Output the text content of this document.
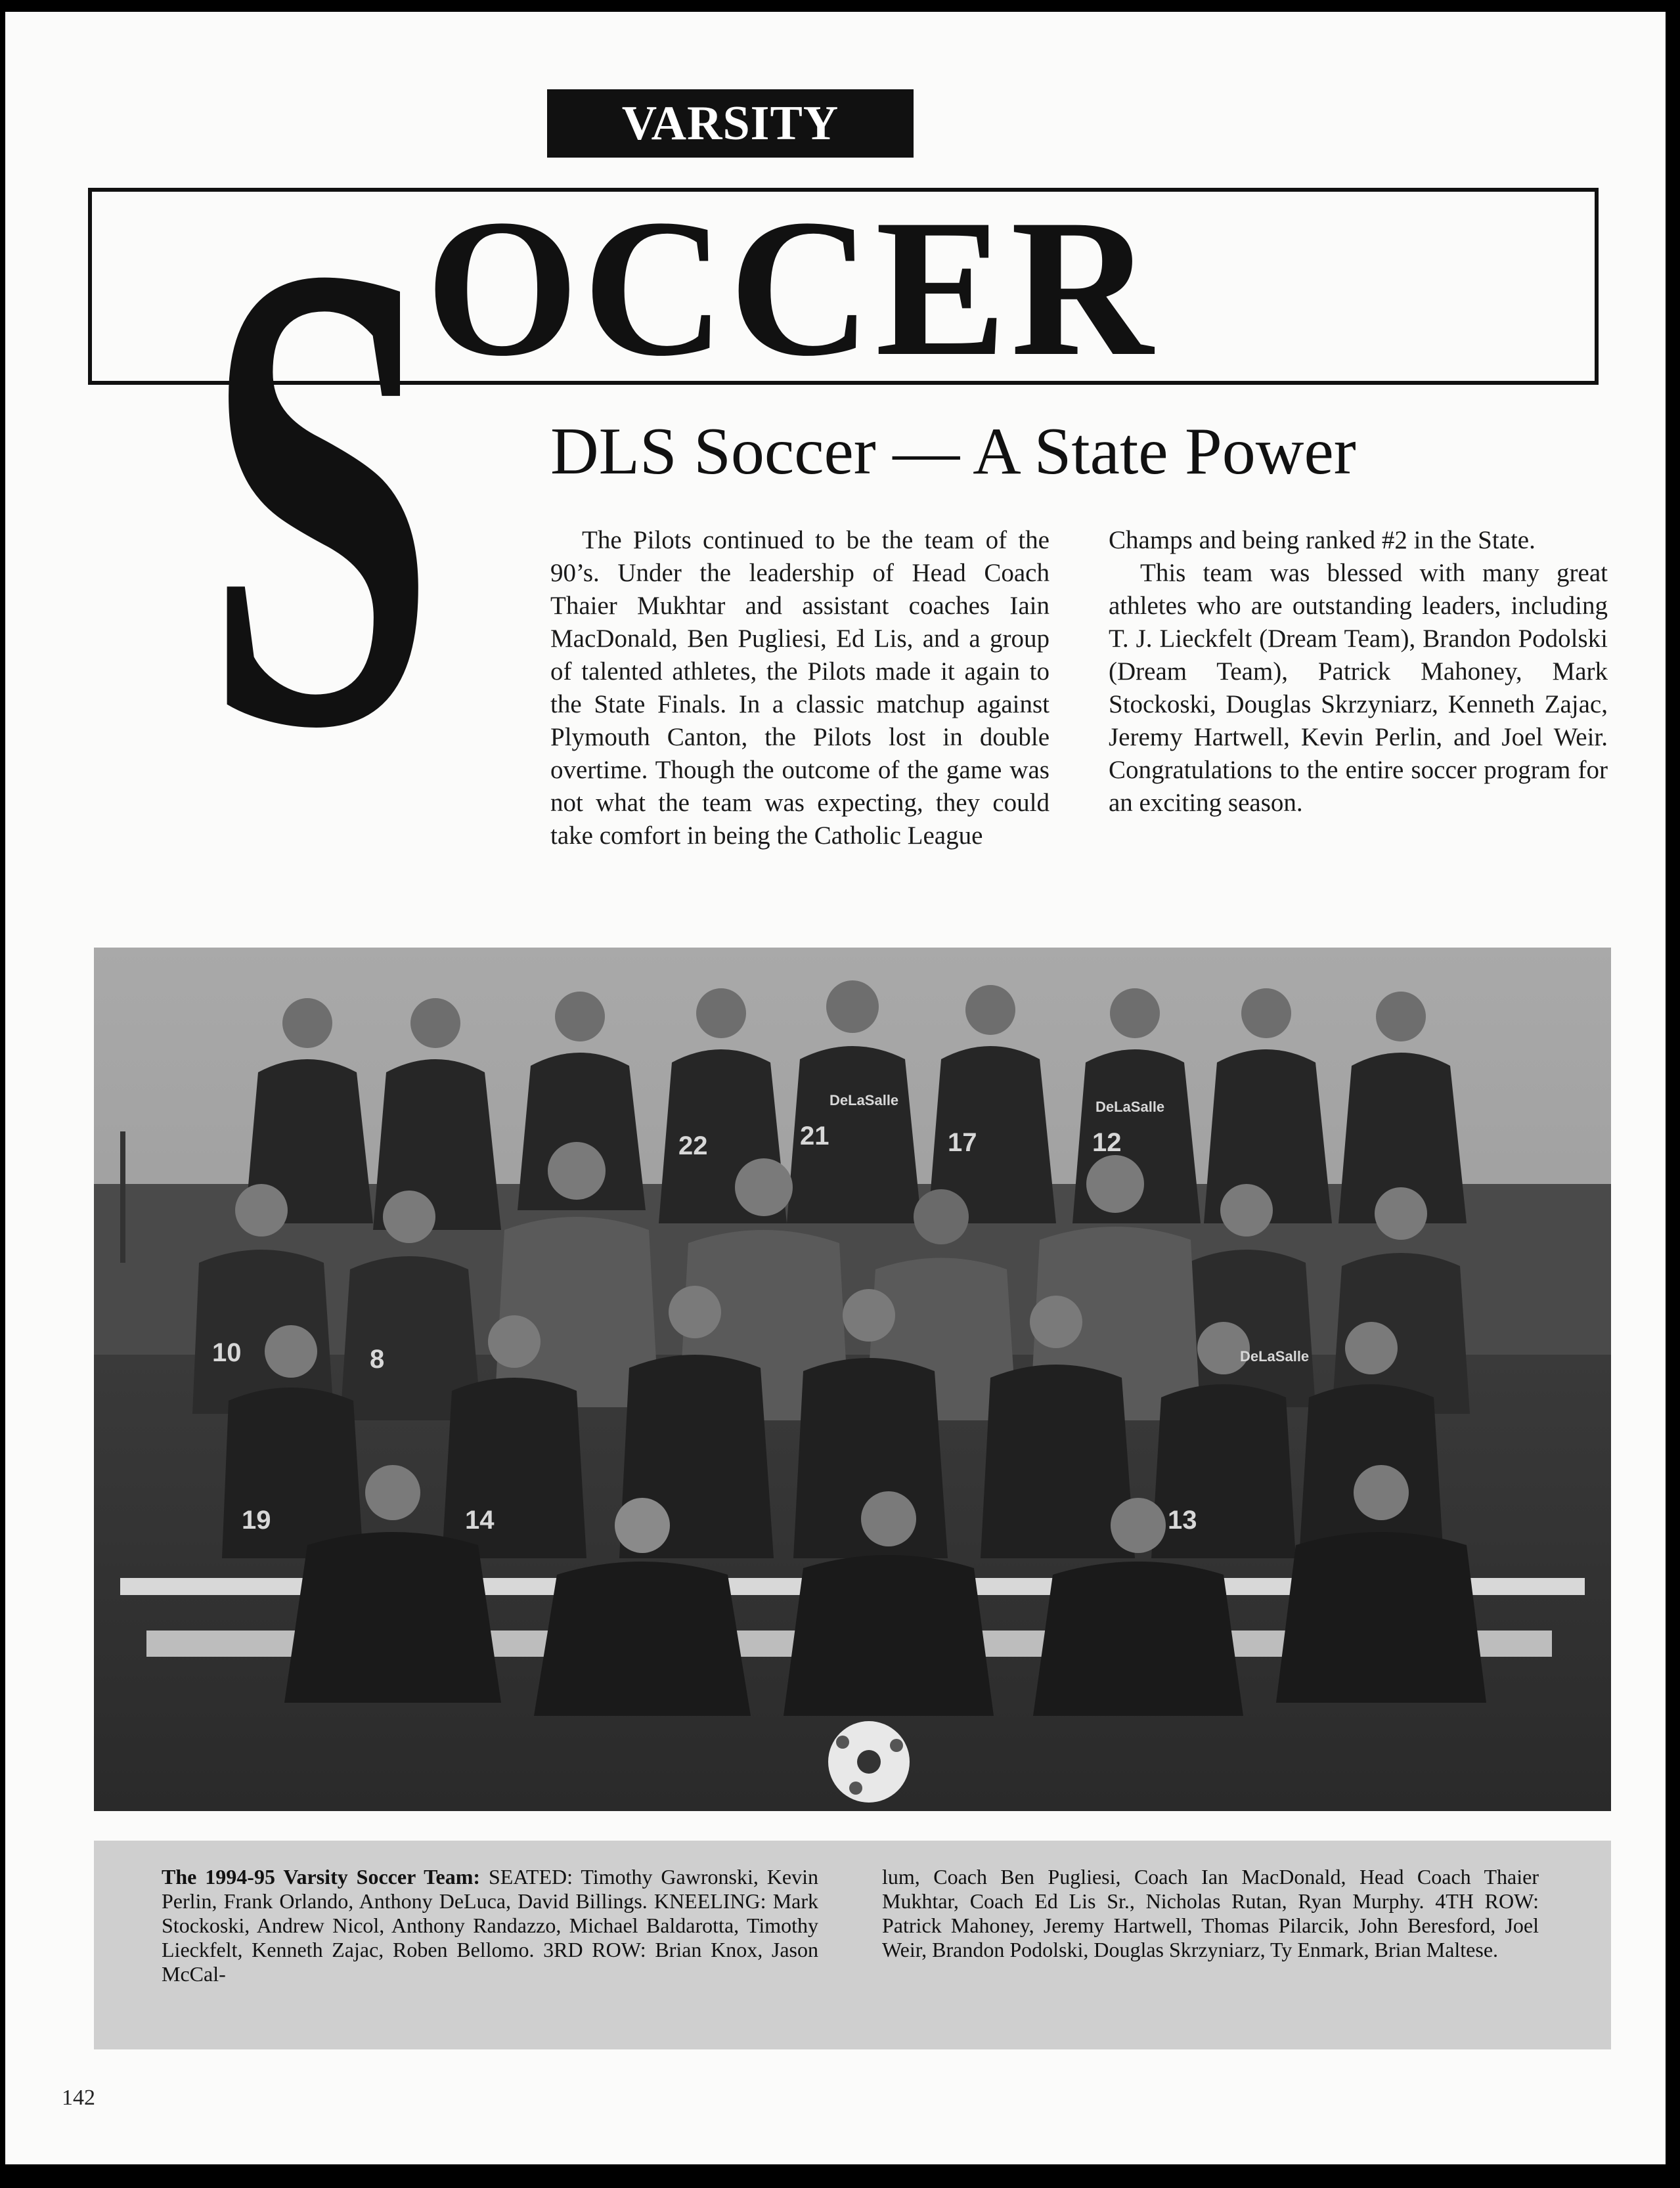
S
VARSITY
OCCER
DLS Soccer — A State Power

The Pilots continued to be the team of the 90’s. Under the leadership of Head Coach Thaier Mukhtar and assistant coaches Iain MacDonald, Ben Pugliesi, Ed Lis, and a group of talented athletes, the Pilots made it again to the State Finals. In a classic matchup against Plymouth Canton, the Pilots lost in double overtime. Though the outcome of the game was not what the team was expecting, they could take comfort in being the Catholic League

Champs and being ranked #2 in the State.

This team was blessed with many great athletes who are outstanding leaders, including T. J. Lieckfelt (Dream Team), Brandon Podolski (Dream Team), Patrick Mahoney, Mark Stockoski, Douglas Skrzyniarz, Kenneth Zajac, Jeremy Hartwell, Kevin Perlin, and Joel Weir. Congratulations to the entire soccer program for an exciting season.

22	21	17	12
10	8
19	14	13
DeLaSalle	DeLaSalle
DeLaSalle
The 1994-95 Varsity Soccer Team: SEATED: Timothy Gawronski, Kevin Perlin, Frank Orlando, Anthony DeLuca, David Billings. KNEELING: Mark Stockoski, Andrew Nicol, Anthony Randazzo, Michael Baldarotta, Timothy Lieckfelt, Kenneth Zajac, Roben Bellomo. 3RD ROW: Brian Knox, Jason McCal-
lum, Coach Ben Pugliesi, Coach Ian MacDonald, Head Coach Thaier Mukhtar, Coach Ed Lis Sr., Nicholas Rutan, Ryan Murphy. 4TH ROW: Patrick Mahoney, Jeremy Hartwell, Thomas Pilarcik, John Beresford, Joel Weir, Brandon Podolski, Douglas Skrzyniarz, Ty Enmark, Brian Maltese.
142
